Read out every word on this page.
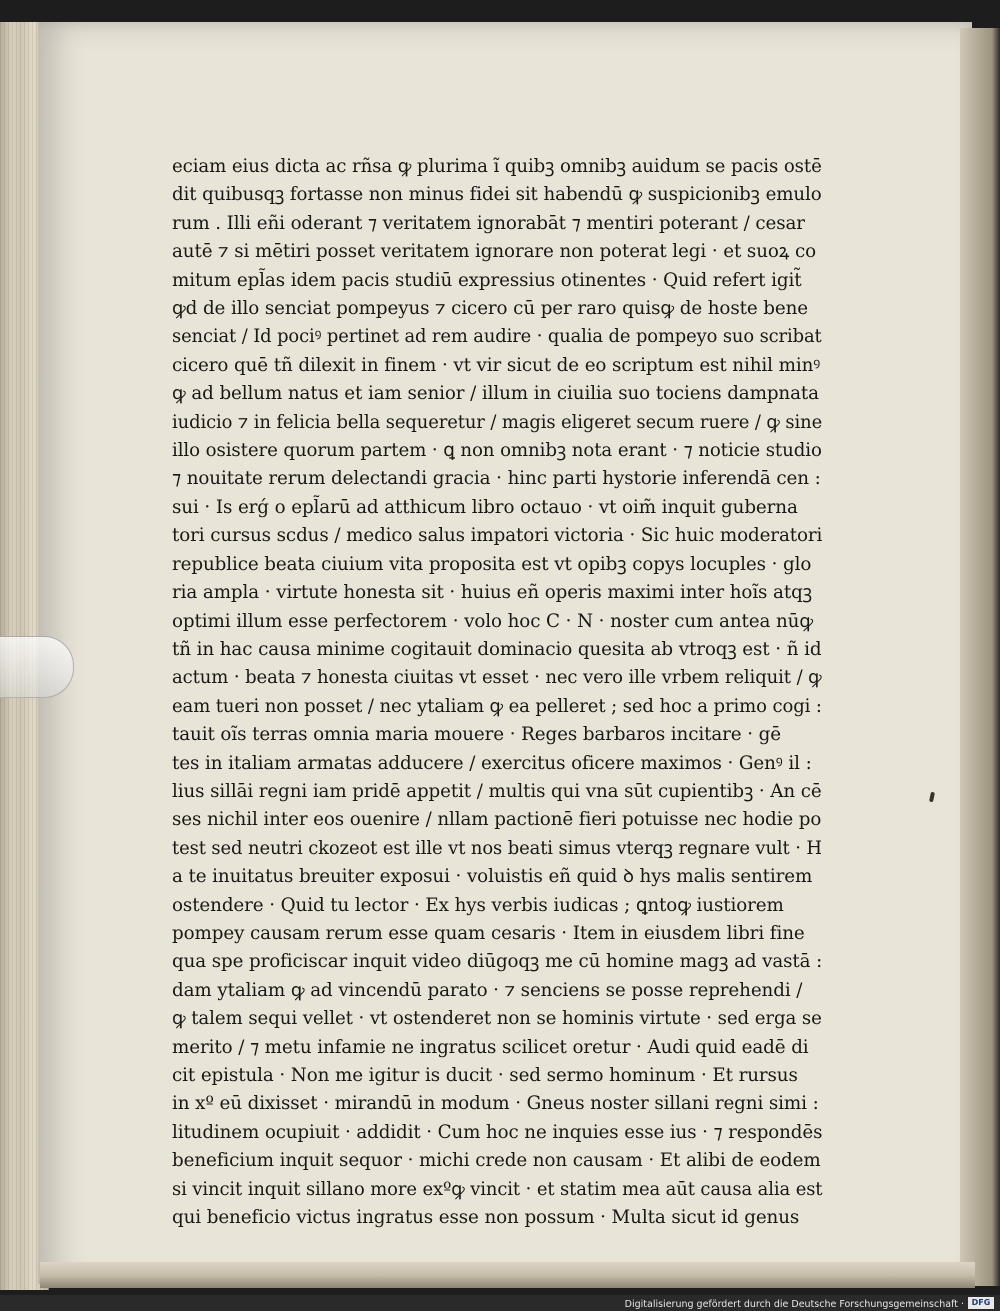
eciam eius dicta ac rñsa ꝙ plurima ĩ quibꝫ omnibꝫ auidum se pacis ostē
dit quibusqꝫ fortasse non minus fidei sit habendū ꝙ suspicionibꝫ emulo
rum . Illi eñi oderant ⁊ veritatem ignorabāt ⁊ mentiri poterant / cesar
autē ⁊ si mētiri posset veritatem ignorare non poterat legi · et suoꝝ co
mitum epl̃as idem pacis studiū expressius otinentes · Quid refert igit̃
ꝙd de illo senciat pompeyus ⁊ cicero cū per raro quisꝙ de hoste bene
senciat / Id pociꝰ pertinet ad rem audire · qualia de pompeyo suo scribat
cicero quē tñ dilexit in finem · vt vir sicut de eo scriptum est nihil minꝰ
ꝙ ad bellum natus et iam senior / illum in ciuilia suo tociens dampnata
iudicio ⁊ in felicia bella sequeretur / magis eligeret secum ruere / ꝙ sine
illo osistere quorum partem · ꝗ non omnibꝫ nota erant · ⁊ noticie studio
⁊ nouitate rerum delectandi gracia · hinc parti hystorie inferendā cen :
sui · Is erǵ o epl̃arū ad atthicum libro octauo · vt oim̃ inquit guberna
tori cursus scdus / medico salus impatori victoria · Sic huic moderatori
republice beata ciuium vita proposita est vt opibꝫ copys locuples · glo
ria ampla · virtute honesta sit · huius eñ operis maximi inter hoĩs atqꝫ
optimi illum esse perfectorem · volo hoc C · N · noster cum antea nūꝙ
tñ in hac causa minime cogitauit dominacio quesita ab vtroqꝫ est · ñ id
actum · beata ⁊ honesta ciuitas vt esset · nec vero ille vrbem reliquit / ꝙ
eam tueri non posset / nec ytaliam ꝙ ea pelleret ; sed hoc a primo cogi :
tauit oĩs terras omnia maria mouere · Reges barbaros incitare · gē
tes in italiam armatas adducere / exercitus oficere maximos · Genꝰ il :
lius sillāi regni iam pridē appetit / multis qui vna sūt cupientibꝫ · An cē
ses nichil inter eos ouenire / nllam pactionē fieri potuisse nec hodie po
test sed neutri ckozeot est ille vt nos beati simus vterqꝫ regnare vult · H
a te inuitatus breuiter exposui · voluistis eñ quid ꝺ hys malis sentirem
ostendere · Quid tu lector · Ex hys verbis iudicas ; ꝗntoꝙ iustiorem
pompey causam rerum esse quam cesaris · Item in eiusdem libri fine
qua spe proficiscar inquit video diūgoqꝫ me cū homine magꝫ ad vastā :
dam ytaliam ꝙ ad vincendū parato · ⁊ senciens se posse reprehendi /
ꝙ talem sequi vellet · vt ostenderet non se hominis virtute · sed erga se
merito / ⁊ metu infamie ne ingratus scilicet oretur · Audi quid eadē di
cit epistula · Non me igitur is ducit · sed sermo hominum · Et rursus
in xº eū dixisset · mirandū in modum · Gneus noster sillani regni simi :
litudinem ocupiuit · addidit · Cum hoc ne inquies esse ius · ⁊ respondēs
beneficium inquit sequor · michi crede non causam · Et alibi de eodem
si vincit inquit sillano more exºꝙ vincit · et statim mea aūt causa alia est
qui beneficio victus ingratus esse non possum · Multa sicut id genus
Digitalisierung gefördert durch die Deutsche Forschungsgemeinschaft · DFG
